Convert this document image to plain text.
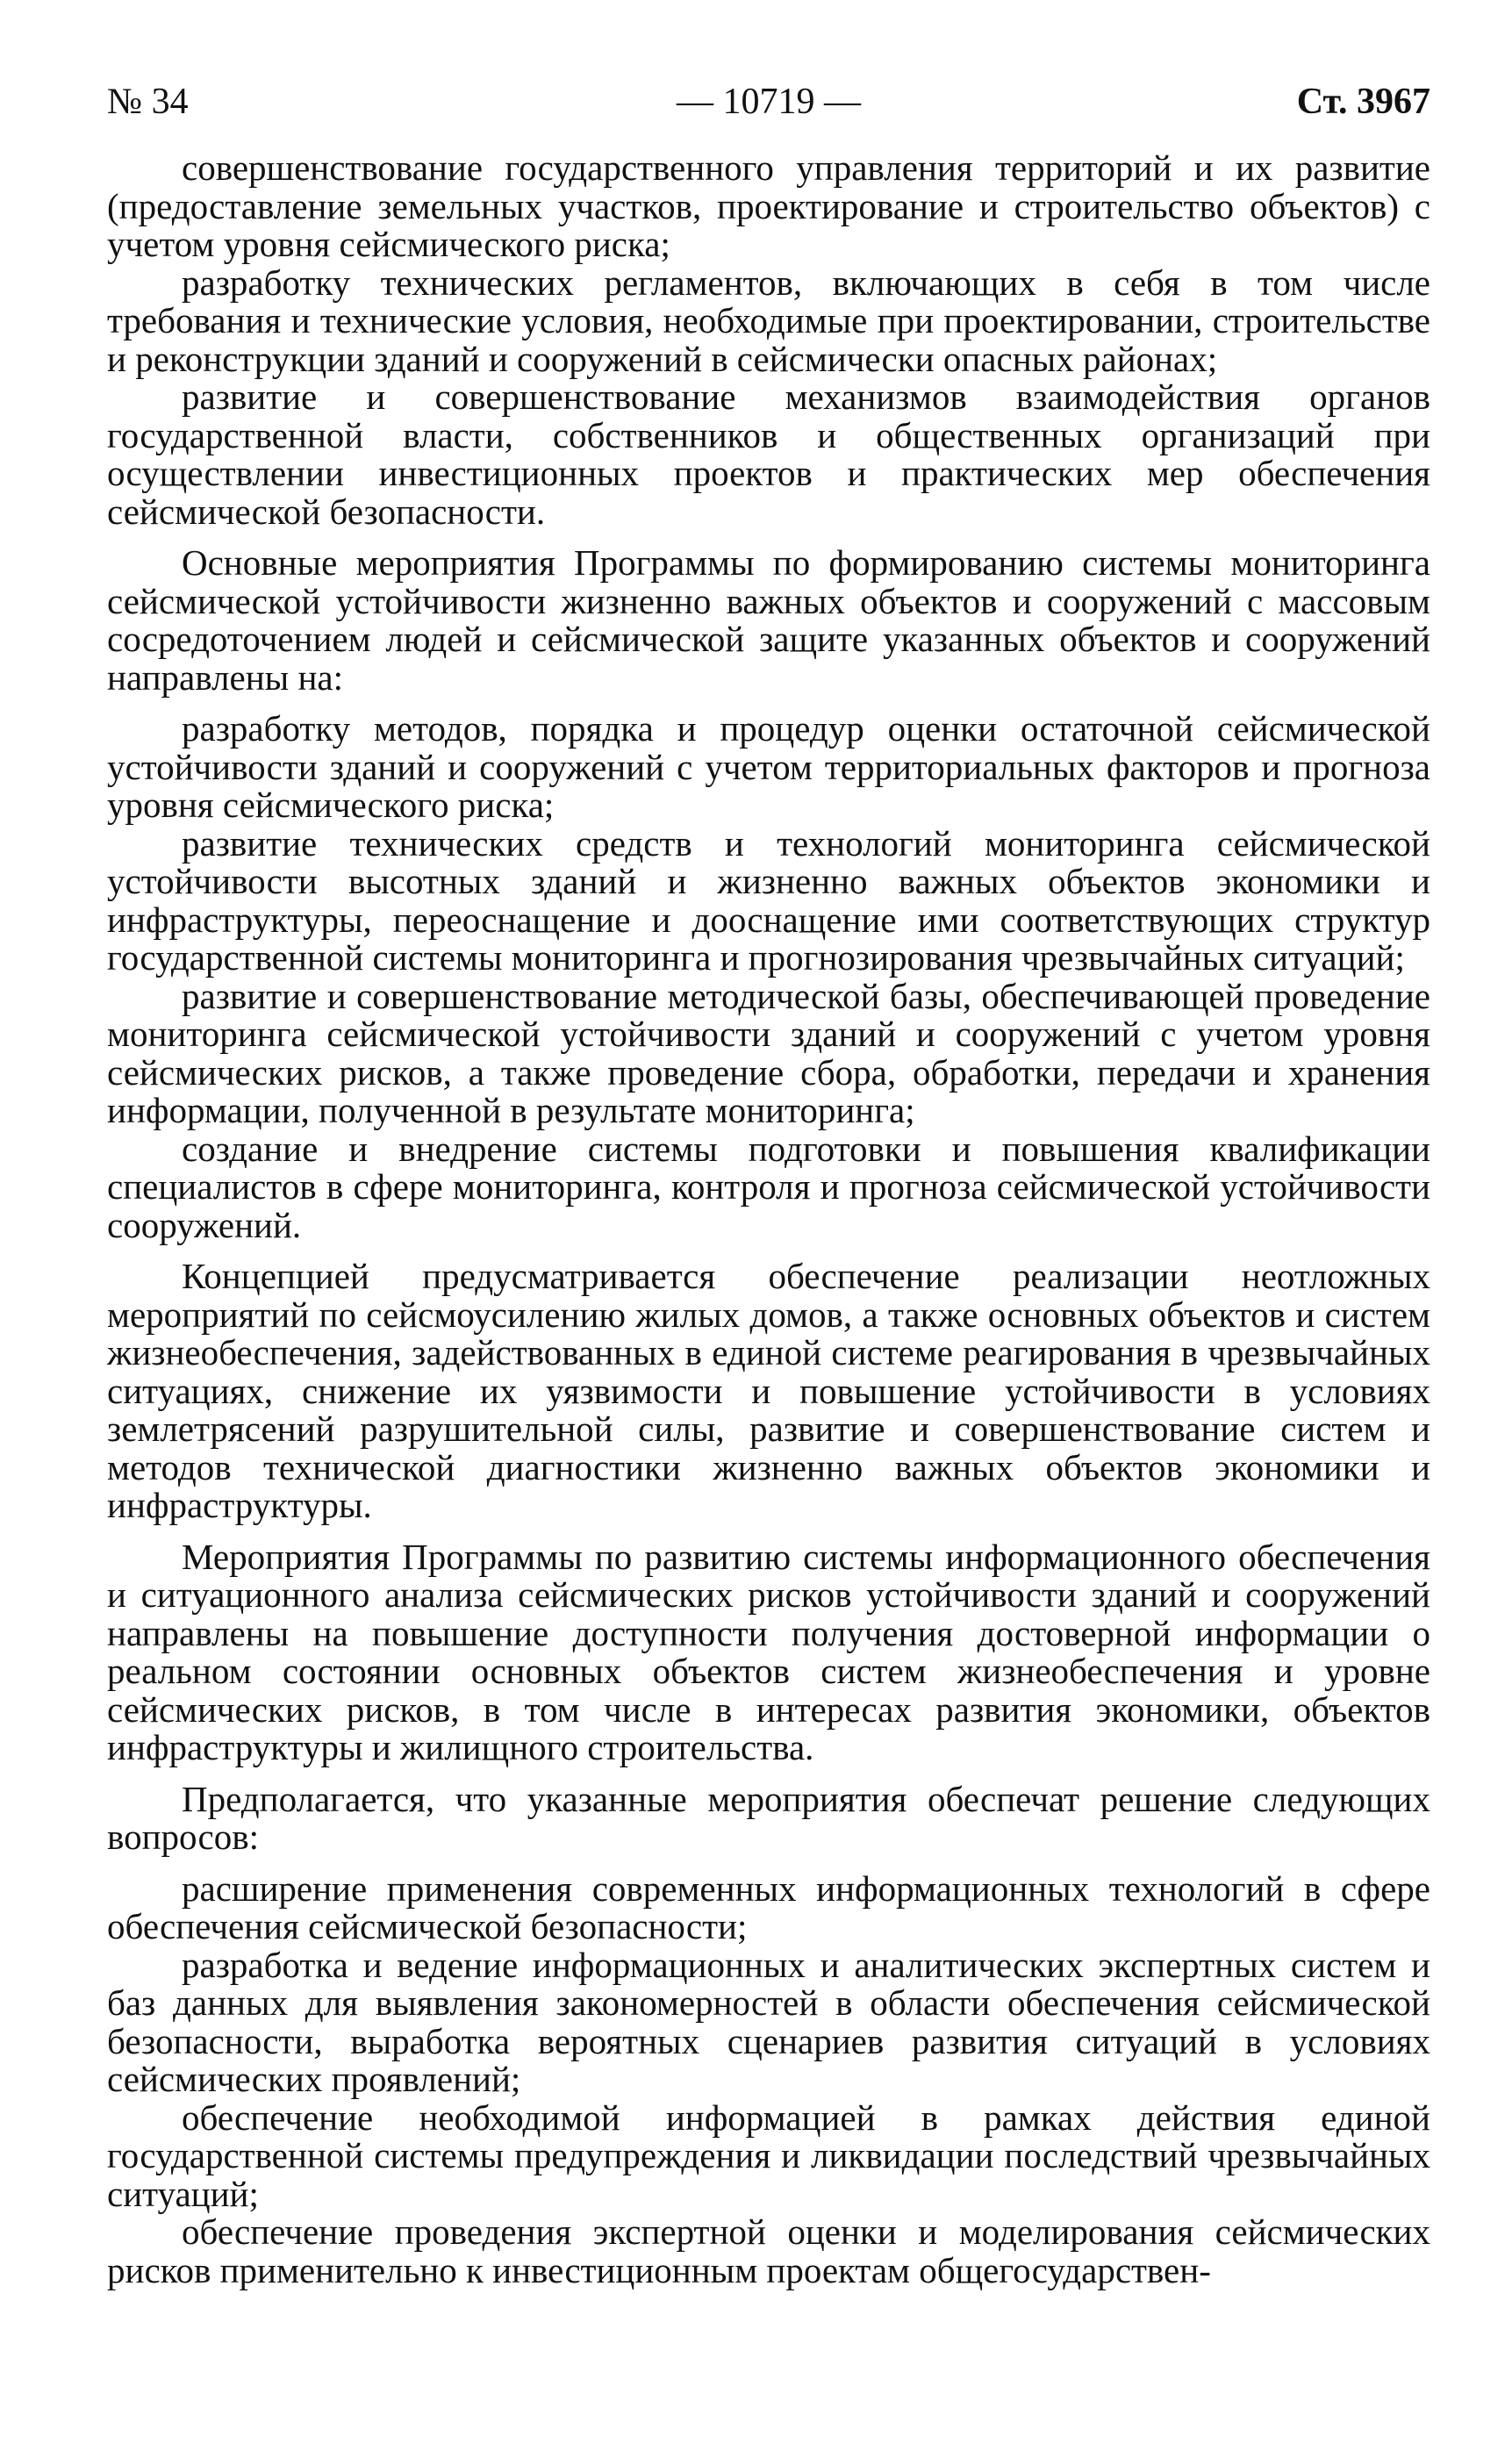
№ 34	— 10719 —	Ст. 3967

совершенствование государственного управления территорий и их развитие (предоставление земельных участков, проектирование и строительство объектов) с учетом уровня сейсмического риска;

разработку технических регламентов, включающих в себя в том числе требования и технические условия, необходимые при проектировании, строительстве и реконструкции зданий и сооружений в сейсмически опасных районах;

развитие и совершенствование механизмов взаимодействия органов государственной власти, собственников и общественных организаций при осуществлении инвестиционных проектов и практических мер обеспечения сейсмической безопасности.

Основные мероприятия Программы по формированию системы мониторинга сейсмической устойчивости жизненно важных объектов и сооружений с массовым сосредоточением людей и сейсмической защите указанных объектов и сооружений направлены на:

разработку методов, порядка и процедур оценки остаточной сейсмической устойчивости зданий и сооружений с учетом территориальных факторов и прогноза уровня сейсмического риска;

развитие технических средств и технологий мониторинга сейсмической устойчивости высотных зданий и жизненно важных объектов экономики и инфраструктуры, переоснащение и дооснащение ими соответствующих структур государственной системы мониторинга и прогнозирования чрезвычайных ситуаций;

развитие и совершенствование методической базы, обеспечивающей проведение мониторинга сейсмической устойчивости зданий и сооружений с учетом уровня сейсмических рисков, а также проведение сбора, обработки, передачи и хранения информации, полученной в результате мониторинга;

создание и внедрение системы подготовки и повышения квалификации специалистов в сфере мониторинга, контроля и прогноза сейсмической устойчивости сооружений.

Концепцией предусматривается обеспечение реализации неотложных мероприятий по сейсмоусилению жилых домов, а также основных объектов и систем жизнеобеспечения, задействованных в единой системе реагирования в чрезвычайных ситуациях, снижение их уязвимости и повышение устойчивости в условиях землетрясений разрушительной силы, развитие и совершенствование систем и методов технической диагностики жизненно важных объектов экономики и инфраструктуры.

Мероприятия Программы по развитию системы информационного обеспечения и ситуационного анализа сейсмических рисков устойчивости зданий и сооружений направлены на повышение доступности получения достоверной информации о реальном состоянии основных объектов систем жизнеобеспечения и уровне сейсмических рисков, в том числе в интересах развития экономики, объектов инфраструктуры и жилищного строительства.

Предполагается, что указанные мероприятия обеспечат решение следующих вопросов:

расширение применения современных информационных технологий в сфере обеспечения сейсмической безопасности;

разработка и ведение информационных и аналитических экспертных систем и баз данных для выявления закономерностей в области обеспечения сейсмической безопасности, выработка вероятных сценариев развития ситуаций в условиях сейсмических проявлений;

обеспечение необходимой информацией в рамках действия единой государственной системы предупреждения и ликвидации последствий чрезвычайных ситуаций;

обеспечение проведения экспертной оценки и моделирования сейсмических рисков применительно к инвестиционным проектам общегосударствен-
